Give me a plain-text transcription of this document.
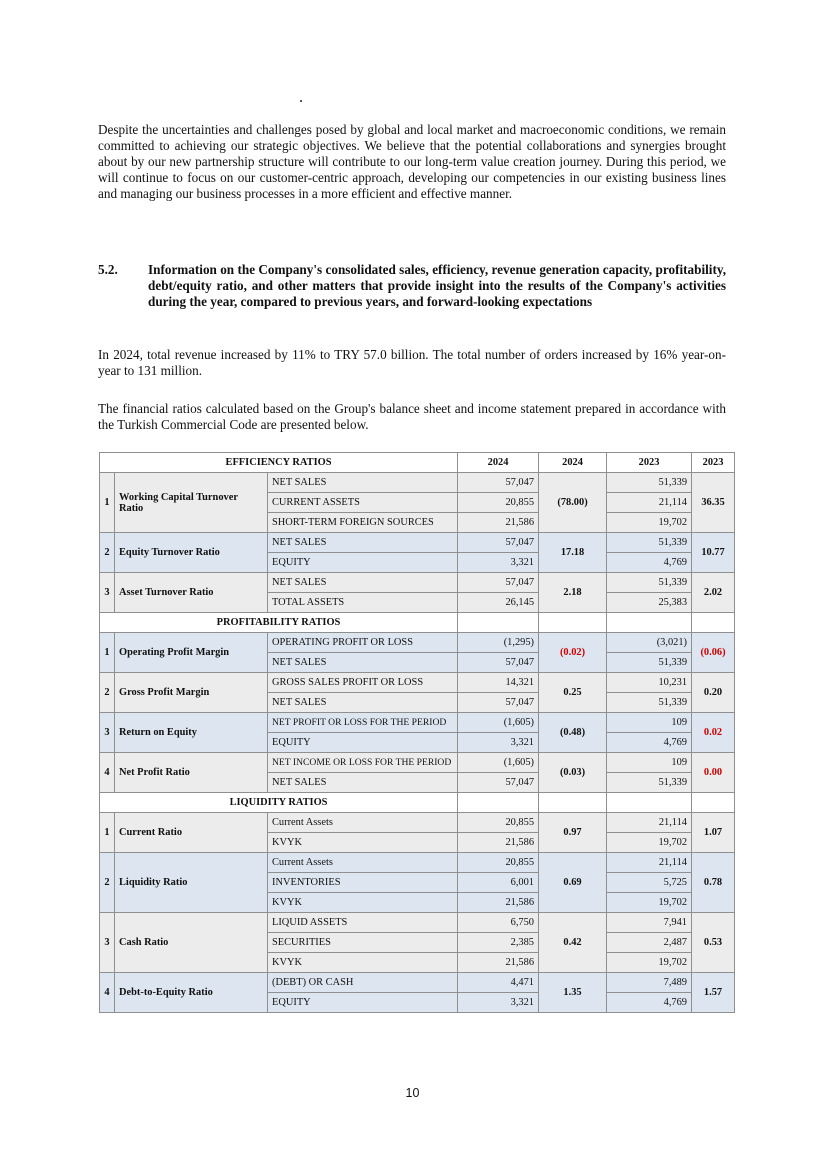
Despite the uncertainties and challenges posed by global and local market and macroeconomic conditions, we remain committed to achieving our strategic objectives. We believe that the potential collaborations and synergies brought about by our new partnership structure will contribute to our long-term value creation journey. During this period, we will continue to focus on our customer-centric approach, developing our competencies in our existing business lines and managing our business processes in a more efficient and effective manner.

5.2.	Information on the Company's consolidated sales, efficiency, revenue generation capacity, profitability, debt/equity ratio, and other matters that provide insight into the results of the Company's activities during the year, compared to previous years, and forward-looking expectations

In 2024, total revenue increased by 11% to TRY 57.0 billion. The total number of orders increased by 16% year-on-year to 131 million.

The financial ratios calculated based on the Group's balance sheet and income statement prepared in accordance with the Turkish Commercial Code are presented below.

EFFICIENCY RATIOS			2024	2024	2023	2023
1	Working Capital Turnover Ratio	NET SALES	57,047	(78.00)	51,339	36.35
		CURRENT ASSETS	20,855		21,114	
		SHORT-TERM FOREIGN SOURCES	21,586		19,702	
2	Equity Turnover Ratio	NET SALES	57,047	17.18	51,339	10.77
		EQUITY	3,321		4,769	
3	Asset Turnover Ratio	NET SALES	57,047	2.18	51,339	2.02
		TOTAL ASSETS	26,145		25,383	
PROFITABILITY RATIOS						
1	Operating Profit Margin	OPERATING PROFIT OR LOSS	(1,295)	(0.02)	(3,021)	(0.06)
		NET SALES	57,047		51,339	
2	Gross Profit Margin	GROSS SALES PROFIT OR LOSS	14,321	0.25	10,231	0.20
		NET SALES	57,047		51,339	
3	Return on Equity	NET PROFIT OR LOSS FOR THE PERIOD	(1,605)	(0.48)	109	0.02
		EQUITY	3,321		4,769	
4	Net Profit Ratio	NET INCOME OR LOSS FOR THE PERIOD	(1,605)	(0.03)	109	0.00
		NET SALES	57,047		51,339	
LIQUIDITY RATIOS						
1	Current Ratio	Current Assets	20,855	0.97	21,114	1.07
		KVYK	21,586		19,702	
2	Liquidity Ratio	Current Assets	20,855	0.69	21,114	0.78
		INVENTORIES	6,001		5,725	
		KVYK	21,586		19,702	
3	Cash Ratio	LIQUID ASSETS	6,750	0.42	7,941	0.53
		SECURITIES	2,385		2,487	
		KVYK	21,586		19,702	
4	Debt-to-Equity Ratio	(DEBT) OR CASH	4,471	1.35	7,489	1.57
		EQUITY	3,321		4,769	
10
